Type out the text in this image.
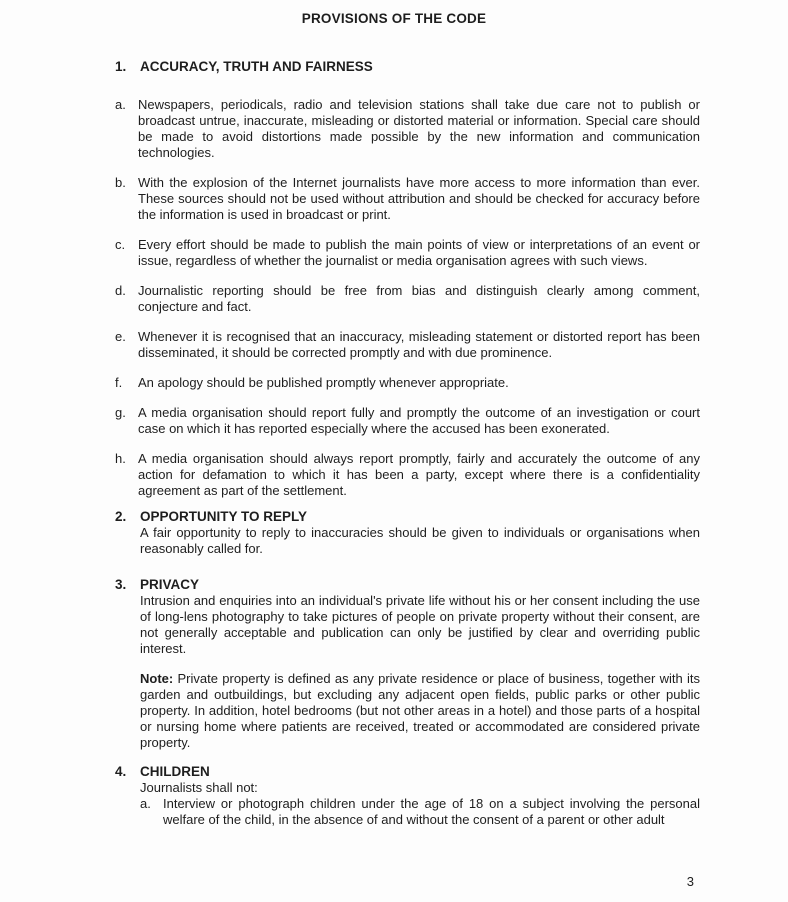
PROVISIONS OF THE CODE
1.	ACCURACY, TRUTH AND FAIRNESS
a. Newspapers, periodicals, radio and television stations shall take due care not to publish or broadcast untrue, inaccurate, misleading or distorted material or information. Special care should be made to avoid distortions made possible by the new information and communication technologies.
b. With the explosion of the Internet journalists have more access to more information than ever. These sources should not be used without attribution and should be checked for accuracy before the information is used in broadcast or print.
c. Every effort should be made to publish the main points of view or interpretations of an event or issue, regardless of whether the journalist or media organisation agrees with such views.
d. Journalistic reporting should be free from bias and distinguish clearly among comment, conjecture and fact.
e. Whenever it is recognised that an inaccuracy, misleading statement or distorted report has been disseminated, it should be corrected promptly and with due prominence.
f.	An apology should be published promptly whenever appropriate.
g. A media organisation should report fully and promptly the outcome of an investigation or court case on which it has reported especially where the accused has been exonerated.
h. A media organisation should always report promptly, fairly and accurately the outcome of any action for defamation to which it has been a party, except where there is a confidentiality agreement as part of the settlement.
2.	OPPORTUNITY TO REPLY

A fair opportunity to reply to inaccuracies should be given to individuals or organisations when reasonably called for.

3.	PRIVACY

Intrusion and enquiries into an individual's private life without his or her consent including the use of long-lens photography to take pictures of people on private property without their consent, are not generally acceptable and publication can only be justified by clear and overriding public interest.

Note: Private property is defined as any private residence or place of business, together with its garden and outbuildings, but excluding any adjacent open fields, public parks or other public property. In addition, hotel bedrooms (but not other areas in a hotel) and those parts of a hospital or nursing home where patients are received, treated or accommodated are considered private property.

4.	CHILDREN

Journalists shall not:

a. Interview or photograph children under the age of 18 on a subject involving the personal welfare of the child, in the absence of and without the consent of a parent or other adult
3
